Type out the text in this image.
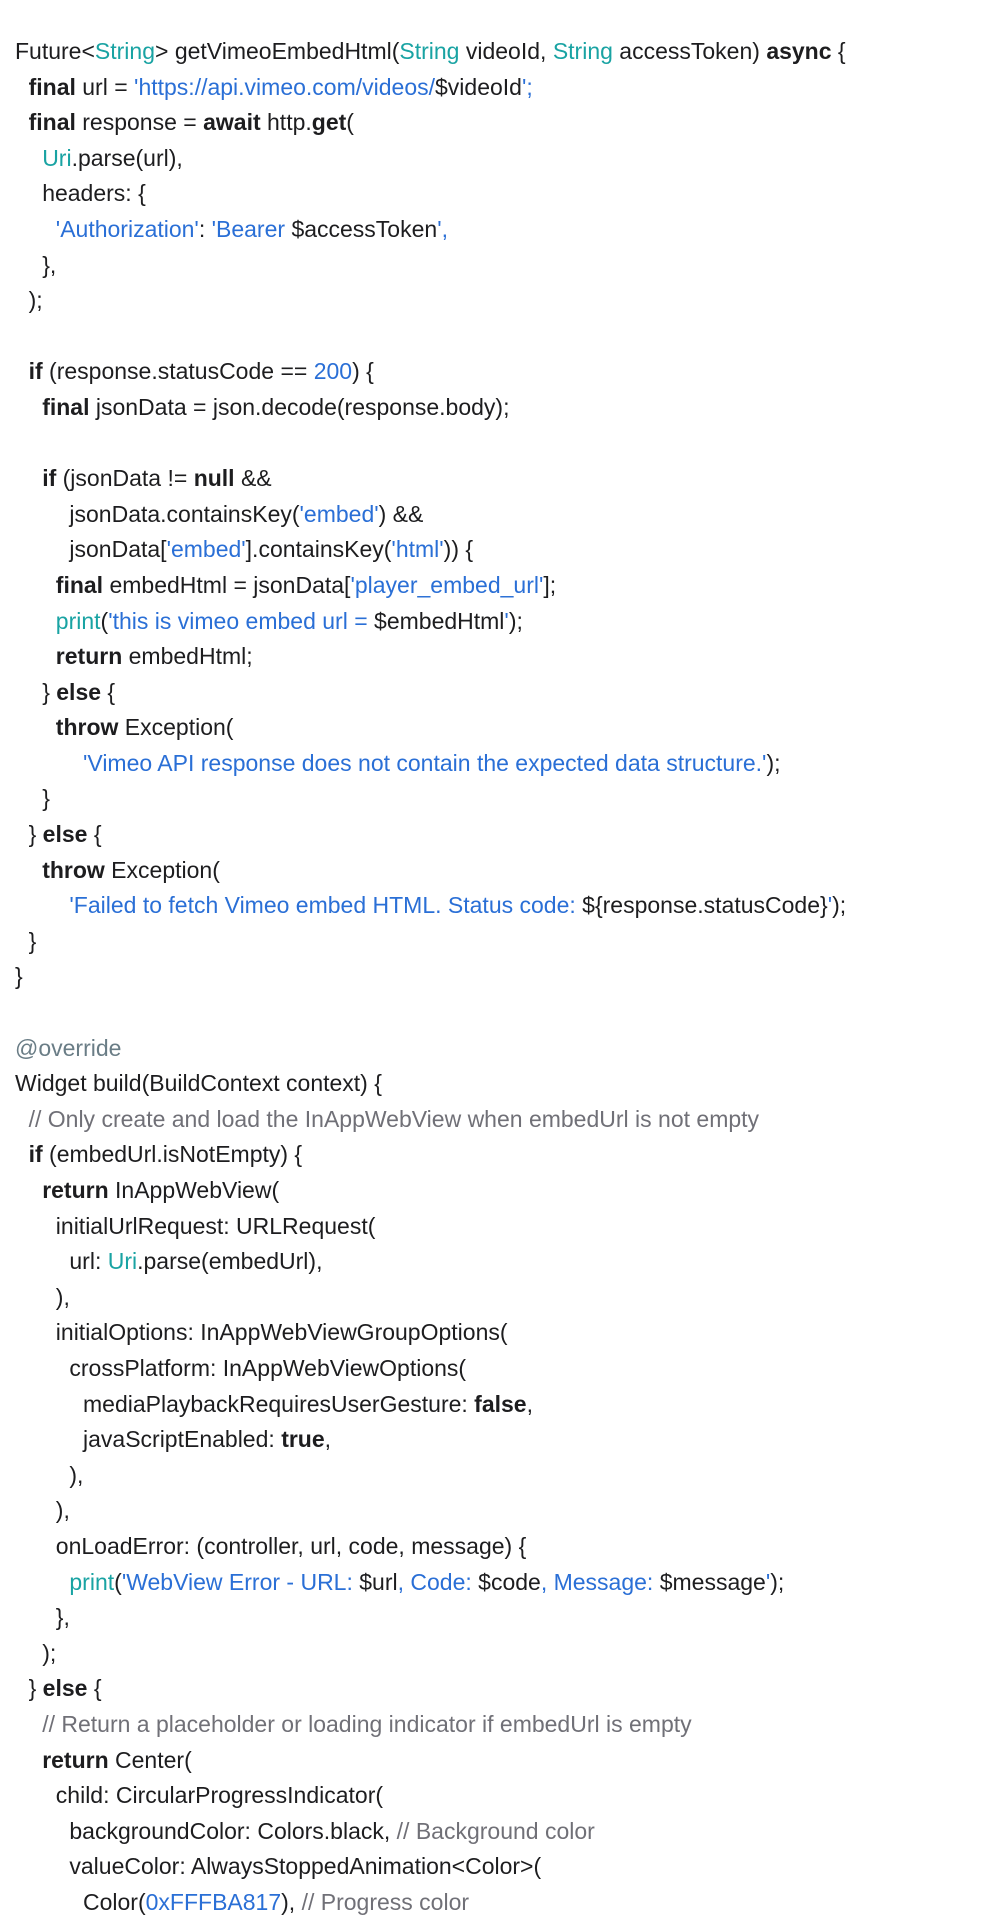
Future<String> getVimeoEmbedHtml(String videoId, String accessToken) async {
final url = 'https://api.vimeo.com/videos/$videoId';
final response = await http.get(
Uri.parse(url),
headers: {
'Authorization': 'Bearer $accessToken',
},
);
if (response.statusCode == 200) {
final jsonData = json.decode(response.body);
if (jsonData != null &&
jsonData.containsKey('embed') &&
jsonData['embed'].containsKey('html')) {
final embedHtml = jsonData['player_embed_url'];
print('this is vimeo embed url = $embedHtml');
return embedHtml;
} else {
throw Exception(
'Vimeo API response does not contain the expected data structure.');
}
} else {
throw Exception(
'Failed to fetch Vimeo embed HTML. Status code: ${response.statusCode}');
}
}
@override
Widget build(BuildContext context) {
// Only create and load the InAppWebView when embedUrl is not empty
if (embedUrl.isNotEmpty) {
return InAppWebView(
initialUrlRequest: URLRequest(
url: Uri.parse(embedUrl),
),
initialOptions: InAppWebViewGroupOptions(
crossPlatform: InAppWebViewOptions(
mediaPlaybackRequiresUserGesture: false,
javaScriptEnabled: true,
),
),
onLoadError: (controller, url, code, message) {
print('WebView Error - URL: $url, Code: $code, Message: $message');
},
);
} else {
// Return a placeholder or loading indicator if embedUrl is empty
return Center(
child: CircularProgressIndicator(
backgroundColor: Colors.black, // Background color
valueColor: AlwaysStoppedAnimation<Color>(
Color(0xFFFBA817), // Progress color
